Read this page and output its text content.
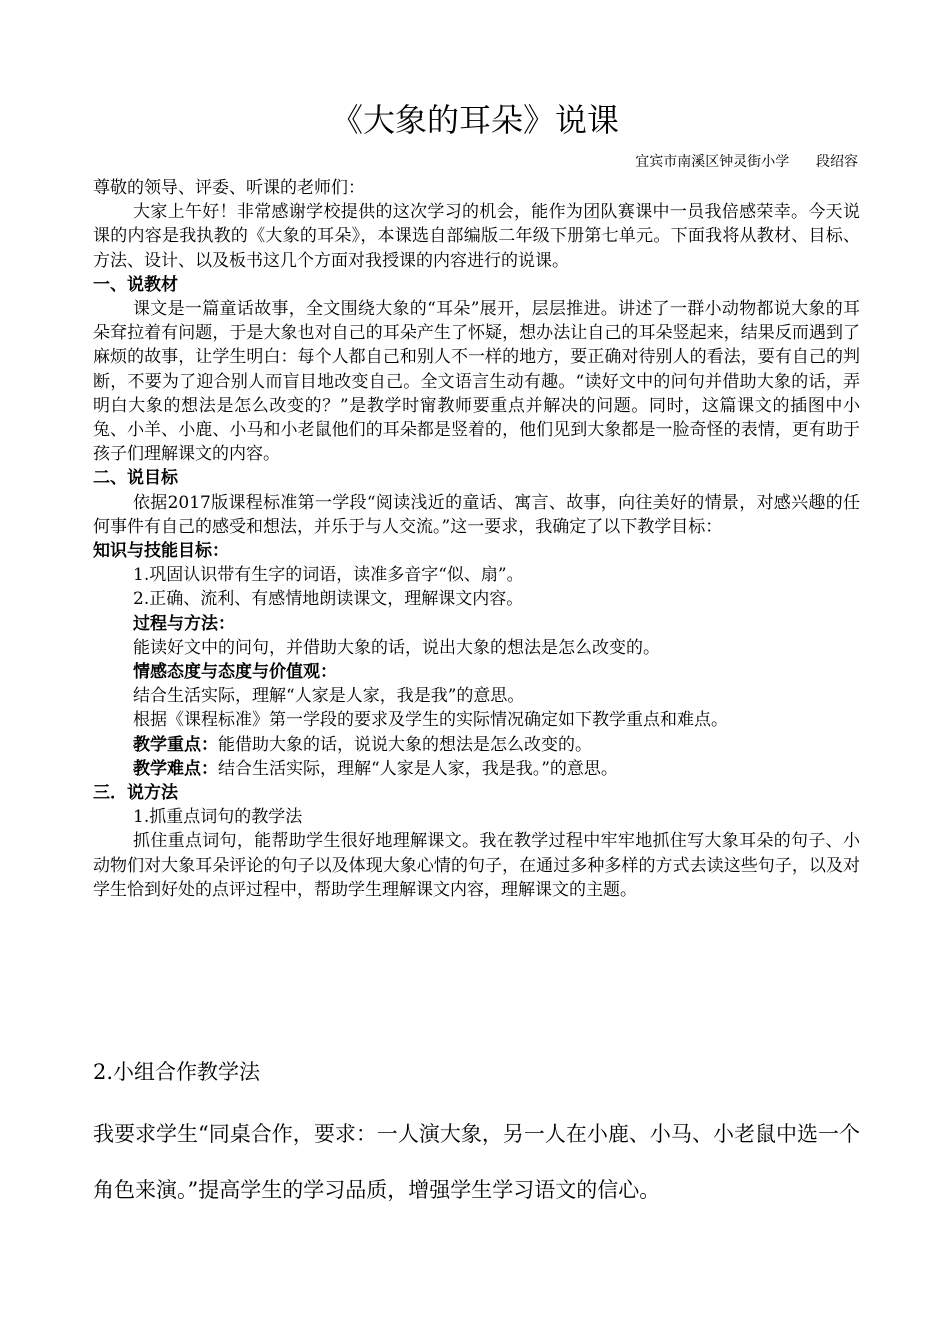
《大象的耳朵》说课
宜宾市南溪区钟灵街小学      段绍容

尊敬的领导、评委、听课的老师们：

大家上午好！非常感谢学校提供的这次学习的机会，能作为团队赛课中一员我倍感荣幸。今天说课的内容是我执教的《大象的耳朵》，本课选自部编版二年级下册第七单元。下面我将从教材、目标、方法、设计、以及板书这几个方面对我授课的内容进行的说课。

一、说教材

课文是一篇童话故事，全文围绕大象的“耳朵”展开，层层推进。讲述了一群小动物都说大象的耳朵耷拉着有问题，于是大象也对自己的耳朵产生了怀疑，想办法让自己的耳朵竖起来，结果反而遇到了麻烦的故事，让学生明白：每个人都自己和别人不一样的地方，要正确对待别人的看法，要有自己的判断，不要为了迎合别人而盲目地改变自己。全文语言生动有趣。“读好文中的问句并借助大象的话，弄明白大象的想法是怎么改变的？”是教学时甯教师要重点并解决的问题。同时，这篇课文的插图中小兔、小羊、小鹿、小马和小老鼠他们的耳朵都是竖着的，他们见到大象都是一脸奇怪的表情，更有助于孩子们理解课文的内容。

二、说目标

依据2017版课程标准第一学段“阅读浅近的童话、寓言、故事，向往美好的情景，对感兴趣的任何事件有自己的感受和想法，并乐于与人交流。”这一要求，我确定了以下教学目标：

知识与技能目标：

1.巩固认识带有生字的词语，读准多音字“似、扇”。

2.正确、流利、有感情地朗读课文，理解课文内容。

过程与方法：

能读好文中的问句，并借助大象的话，说出大象的想法是怎么改变的。

情感态度与态度与价值观：

结合生活实际，理解“人家是人家，我是我”的意思。

根据《课程标准》第一学段的要求及学生的实际情况确定如下教学重点和难点。

教学重点：能借助大象的话，说说大象的想法是怎么改变的。

教学难点：结合生活实际，理解“人家是人家，我是我。”的意思。

三．说方法

1.抓重点词句的教学法

抓住重点词句，能帮助学生很好地理解课文。我在教学过程中牢牢地抓住写大象耳朵的句子、小动物们对大象耳朵评论的句子以及体现大象心情的句子，在通过多种多样的方式去读这些句子，以及对学生恰到好处的点评过程中，帮助学生理解课文内容，理解课文的主题。

2.小组合作教学法
我要求学生“同桌合作，要求：一人演大象，另一人在小鹿、小马、小老鼠中选一个角色来演。”提高学生的学习品质，增强学生学习语文的信心。
